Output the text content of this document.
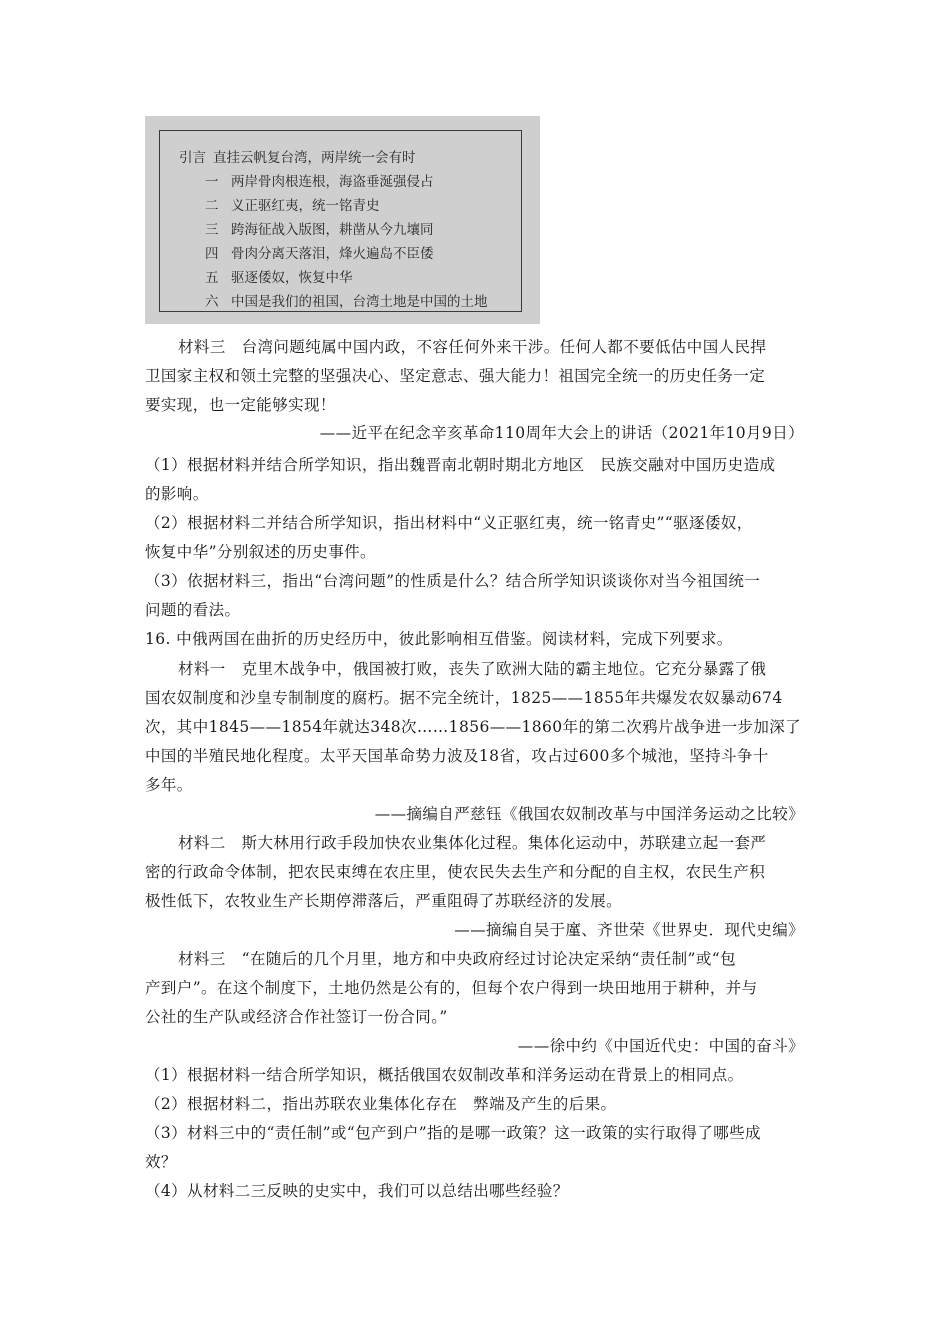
引言 直挂云帆复台湾，两岸统一会有时
一 两岸骨肉根连根，海盗垂涎强侵占
二 义正驱红夷，统一铭青史
三 跨海征战入版图，耕凿从今九壤同
四 骨肉分离天落泪，烽火遍岛不臣倭
五 驱逐倭奴，恢复中华
六 中国是我们的祖国，台湾土地是中国的土地
材料三　台湾问题纯属中国内政，不容任何外来干涉。任何人都不要低估中国人民捍
卫国家主权和领土完整的坚强决心、坚定意志、强大能力！祖国完全统一的历史任务一定
要实现，也一定能够实现！
——近平在纪念辛亥革命110周年大会上的讲话（2021年10月9日）
（1）根据材料并结合所学知识，指出魏晋南北朝时期北方地区　民族交融对中国历史造成
的影响。
（2）根据材料二并结合所学知识，指出材料中“义正驱红夷，统一铭青史”“驱逐倭奴，
恢复中华”分别叙述的历史事件。
（3）依据材料三，指出“台湾问题”的性质是什么？结合所学知识谈谈你对当今祖国统一
问题的看法。
16. 中俄两国在曲折的历史经历中，彼此影响相互借鉴。阅读材料，完成下列要求。
材料一　克里木战争中，俄国被打败，丧失了欧洲大陆的霸主地位。它充分暴露了俄
国农奴制度和沙皇专制制度的腐朽。据不完全统计，1825——1855年共爆发农奴暴动674
次，其中1845——1854年就达348次……1856——1860年的第二次鸦片战争进一步加深了
中国的半殖民地化程度。太平天国革命势力波及18省，攻占过600多个城池，坚持斗争十
多年。
——摘编自严慈钰《俄国农奴制改革与中国洋务运动之比较》
材料二　斯大林用行政手段加快农业集体化过程。集体化运动中，苏联建立起一套严
密的行政命令体制，把农民束缚在农庄里，使农民失去生产和分配的自主权，农民生产积
极性低下，农牧业生产长期停滞落后，严重阻碍了苏联经济的发展。
——摘编自吴于廑、齐世荣《世界史．现代史编》
材料三　“在随后的几个月里，地方和中央政府经过讨论决定采纳“责任制”或“包
产到户”。在这个制度下，土地仍然是公有的，但每个农户得到一块田地用于耕种，并与
公社的生产队或经济合作社签订一份合同。”
——徐中约《中国近代史：中国的奋斗》
（1）根据材料一结合所学知识，概括俄国农奴制改革和洋务运动在背景上的相同点。
（2）根据材料二，指出苏联农业集体化存在　弊端及产生的后果。
（3）材料三中的“责任制”或“包产到户”指的是哪一政策？这一政策的实行取得了哪些成
效？
（4）从材料二三反映的史实中，我们可以总结出哪些经验？
